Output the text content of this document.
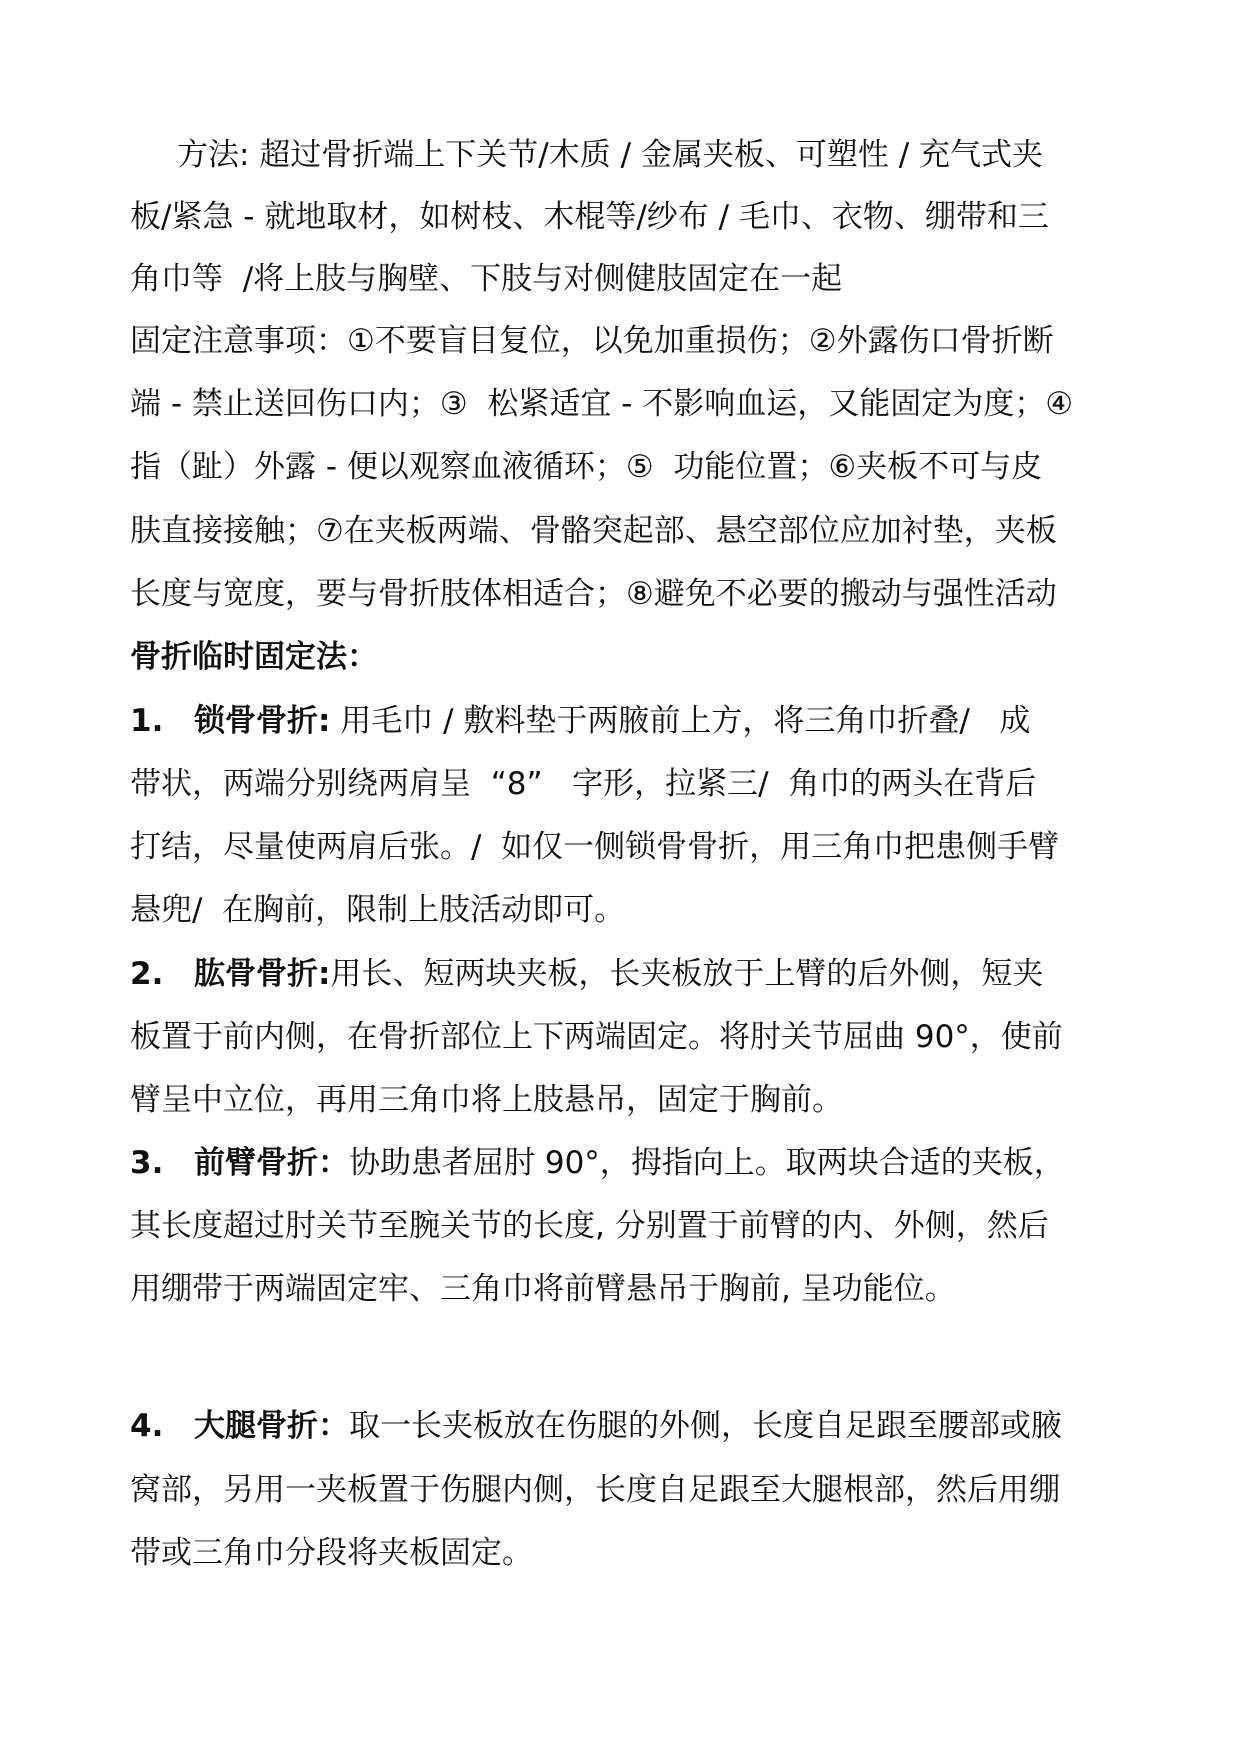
方法: 超过骨折端上下关节/木质 / 金属夹板、可塑性 / 充气式夹

板/紧急 - 就地取材，如树枝、木棍等/纱布 / 毛巾、衣物、绷带和三

角巾等  /将上肢与胸壁、下肢与对侧健肢固定在一起

固定注意事项：①不要盲目复位，以免加重损伤；②外露伤口骨折断

端 - 禁止送回伤口内；③  松紧适宜 - 不影响血运，又能固定为度；④

指（趾）外露 - 便以观察血液循环；⑤  功能位置；⑥夹板不可与皮

肤直接接触；⑦在夹板两端、骨骼突起部、悬空部位应加衬垫，夹板

长度与宽度，要与骨折肢体相适合；⑧避免不必要的搬动与强性活动

骨折临时固定法：

1. 锁骨骨折: 用毛巾 / 敷料垫于两腋前上方，将三角巾折叠/   成

带状，两端分别绕两肩呈  “8”   字形，拉紧三/  角巾的两头在背后

打结，尽量使两肩后张。/  如仅一侧锁骨骨折，用三角巾把患侧手臂

悬兜/  在胸前，限制上肢活动即可。

2. 肱骨骨折:用长、短两块夹板，长夹板放于上臂的后外侧，短夹

板置于前内侧，在骨折部位上下两端固定。将肘关节屈曲 90°，使前

臂呈中立位，再用三角巾将上肢悬吊，固定于胸前。

3. 前臂骨折：协助患者屈肘 90°，拇指向上。取两块合适的夹板，

其长度超过肘关节至腕关节的长度, 分别置于前臂的内、外侧，然后

用绷带于两端固定牢、三角巾将前臂悬吊于胸前, 呈功能位。

4. 大腿骨折：取一长夹板放在伤腿的外侧，长度自足跟至腰部或腋

窝部，另用一夹板置于伤腿内侧，长度自足跟至大腿根部，然后用绷

带或三角巾分段将夹板固定。
